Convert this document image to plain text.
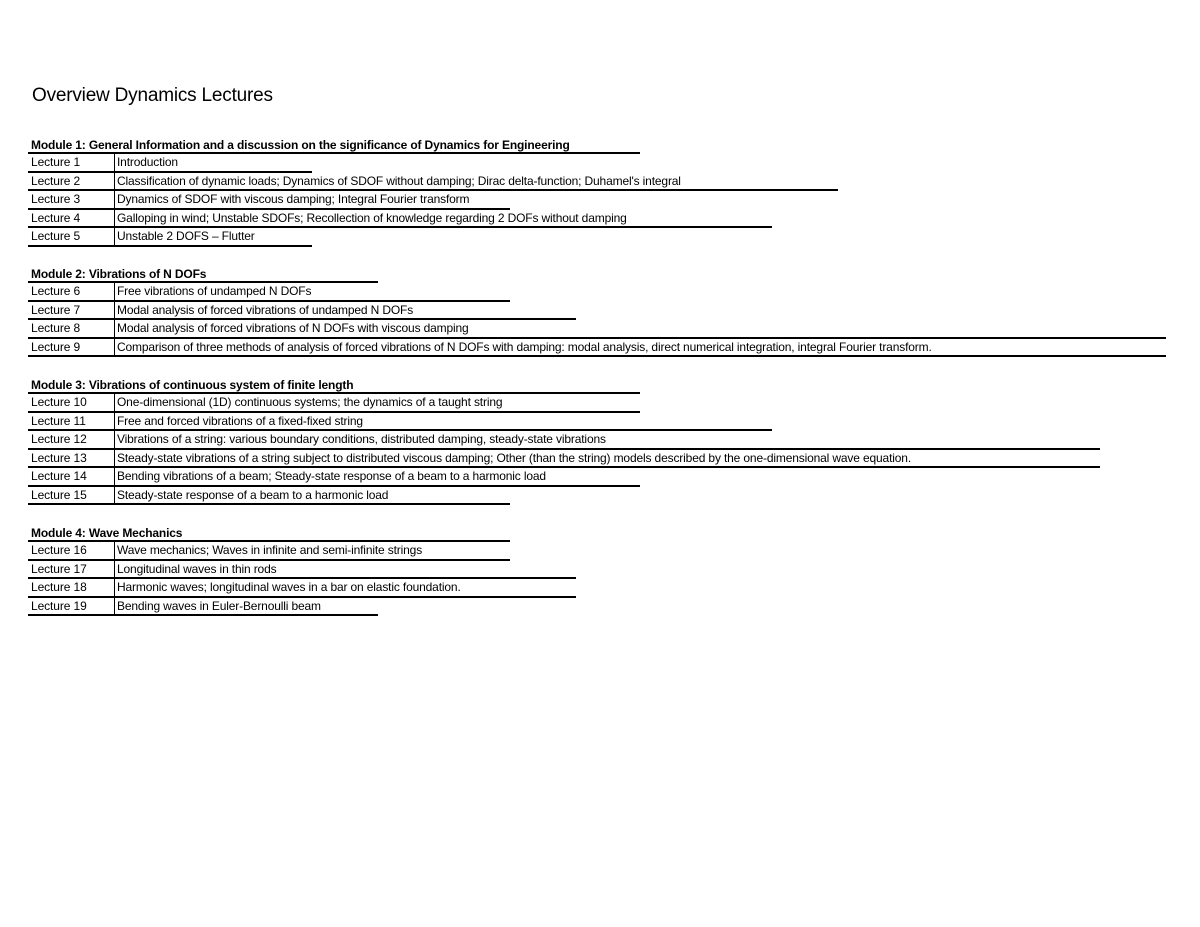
Overview Dynamics Lectures
Module 1: General Information and a discussion on the significance of Dynamics for Engineering
Lecture 1	Introduction
Lecture 2	Classification of dynamic loads; Dynamics of SDOF without damping; Dirac delta-function; Duhamel's integral
Lecture 3	Dynamics of SDOF with viscous damping; Integral Fourier transform
Lecture 4	Galloping in wind; Unstable SDOFs; Recollection of knowledge regarding 2 DOFs without damping
Lecture 5	Unstable 2 DOFS – Flutter
Module 2: Vibrations of N DOFs
Lecture 6	Free vibrations of undamped N DOFs
Lecture 7	Modal analysis of forced vibrations of undamped N DOFs
Lecture 8	Modal analysis of forced vibrations of N DOFs with viscous damping
Lecture 9	Comparison of three methods of analysis of forced vibrations of N DOFs with damping: modal analysis, direct numerical integration, integral Fourier transform.
Module 3: Vibrations of continuous system of finite length
Lecture 10	One-dimensional (1D) continuous systems; the dynamics of a taught string
Lecture 11	Free and forced vibrations of a fixed-fixed string
Lecture 12	Vibrations of a string: various boundary conditions, distributed damping, steady-state vibrations
Lecture 13	Steady-state vibrations of a string subject to distributed viscous damping; Other (than the string) models described by the one-dimensional wave equation.
Lecture 14	Bending vibrations of a beam; Steady-state response of a beam to a harmonic load
Lecture 15	Steady-state response of a beam to a harmonic load
Module 4: Wave Mechanics
Lecture 16	Wave mechanics; Waves in infinite and semi-infinite strings
Lecture 17	Longitudinal waves in thin rods
Lecture 18	Harmonic waves; longitudinal waves in a bar on elastic foundation.
Lecture 19	Bending waves in Euler-Bernoulli beam
